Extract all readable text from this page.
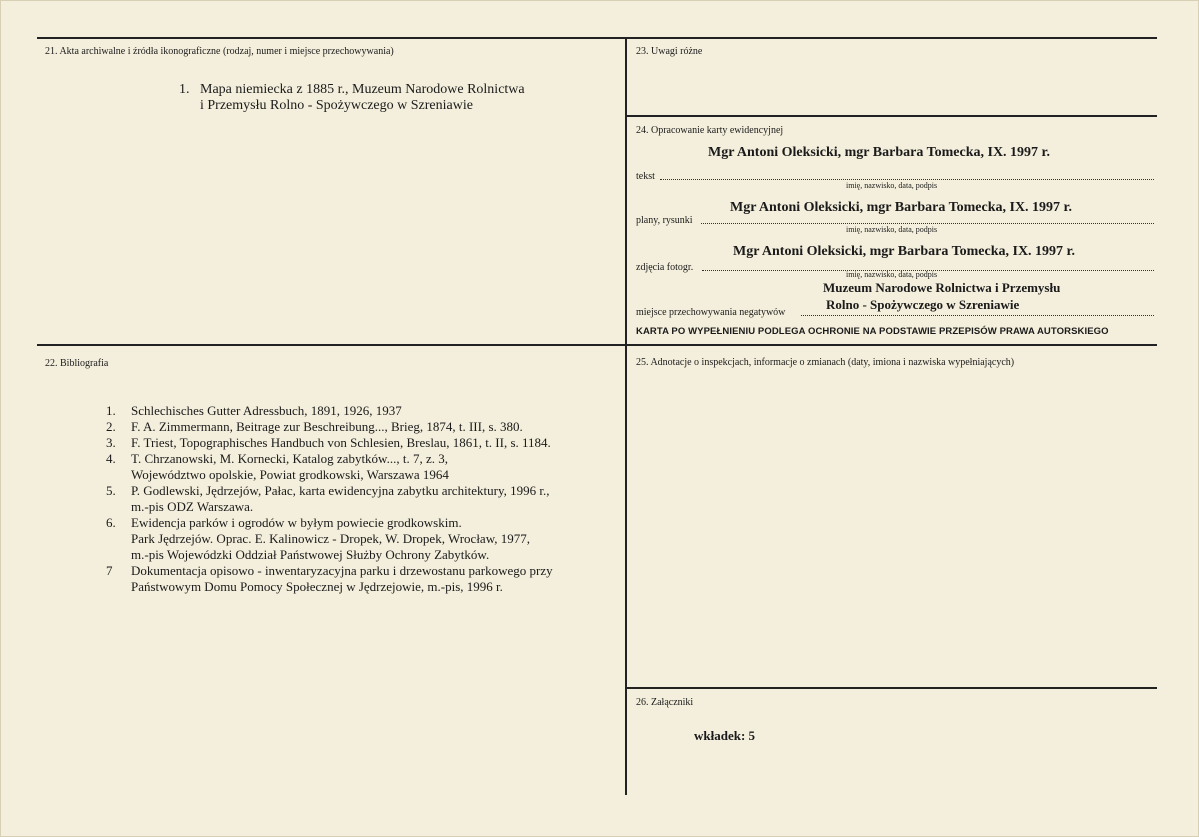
21. Akta archiwalne i źródła ikonograficzne (rodzaj, numer i miejsce przechowywania)
1. Mapa niemiecka z 1885 r., Muzeum Narodowe Rolnictwa
i Przemysłu Rolno - Spożywczego w Szreniawie
23. Uwagi różne
24. Opracowanie karty ewidencyjnej
Mgr Antoni Oleksicki, mgr Barbara Tomecka, IX. 1997 r.
tekst
imię, nazwisko, data, podpis
Mgr Antoni Oleksicki, mgr Barbara Tomecka, IX. 1997 r.
plany, rysunki
imię, nazwisko, data, podpis
Mgr Antoni Oleksicki, mgr Barbara Tomecka, IX. 1997 r.
zdjęcia fotogr.
imię, nazwisko, data, podpis
Muzeum Narodowe Rolnictwa i Przemysłu
Rolno - Spożywczego w Szreniawie
miejsce przechowywania negatywów
KARTA PO WYPEŁNIENIU PODLEGA OCHRONIE NA PODSTAWIE PRZEPISÓW PRAWA AUTORSKIEGO
22. Bibliografia
1. Schlechisches Gutter Adressbuch, 1891, 1926, 1937
2. F. A. Zimmermann, Beitrage zur Beschreibung..., Brieg, 1874, t. III, s. 380.
3. F. Triest, Topographisches Handbuch von Schlesien, Breslau, 1861, t. II, s. 1184.
4. T. Chrzanowski, M. Kornecki, Katalog zabytków..., t. 7, z. 3,
Województwo opolskie, Powiat grodkowski, Warszawa 1964
5. P. Godlewski, Jędrzejów, Pałac, karta ewidencyjna zabytku architektury, 1996 r.,
m.-pis ODZ Warszawa.
6. Ewidencja parków i ogrodów w byłym powiecie grodkowskim.
Park Jędrzejów. Oprac. E. Kalinowicz - Dropek, W. Dropek, Wrocław, 1977,
m.-pis Wojewódzki Oddział Państwowej Służby Ochrony Zabytków.
7 Dokumentacja opisowo - inwentaryzacyjna parku i drzewostanu parkowego przy
Państwowym Domu Pomocy Społecznej w Jędrzejowie, m.-pis, 1996 r.
25. Adnotacje o inspekcjach, informacje o zmianach (daty, imiona i nazwiska wypełniających)
26. Załączniki
wkładek: 5
